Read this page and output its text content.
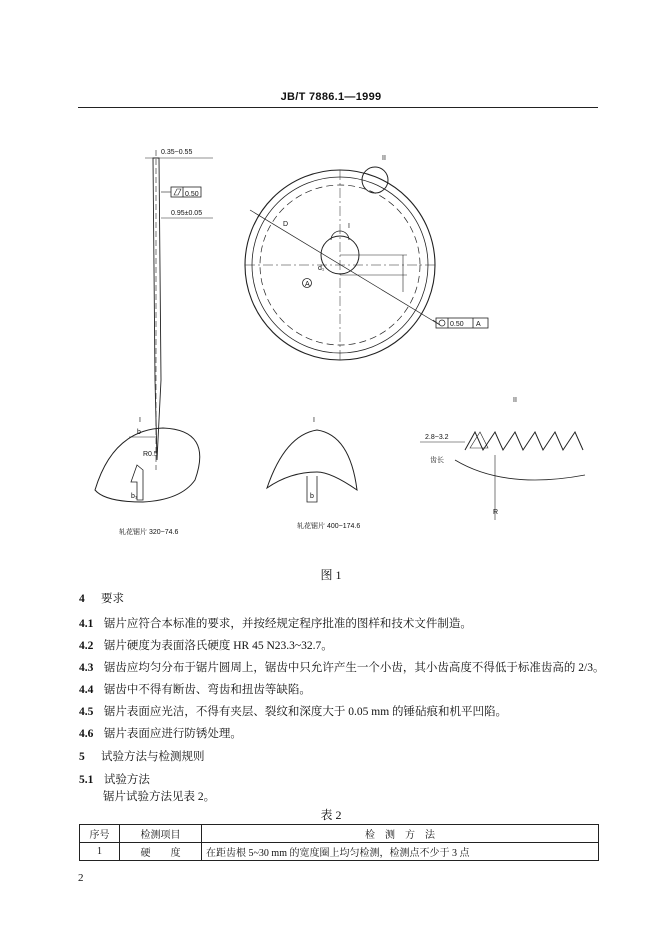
JB/T 7886.1—1999
0.35~0.55
0.50
0.95±0.05
II
I
D
d₁
A
0.50 A
I	I
II
b
R0.5
b₁	b
轧花锯片 320−74.6
轧花锯片 400−174.6
2.8~3.2
齿长
R
图 1
4 要求
4.1 锯片应符合本标准的要求，并按经规定程序批准的图样和技术文件制造。
4.2 锯片硬度为表面洛氏硬度 HR 45 N23.3~32.7。
4.3 锯齿应均匀分布于锯片圆周上，锯齿中只允许产生一个小齿，其小齿高度不得低于标准齿高的 2/3。
4.4 锯齿中不得有断齿、弯齿和扭齿等缺陷。
4.5 锯片表面应光洁，不得有夹层、裂纹和深度大于 0.05 mm 的锤砧痕和机平凹陷。
4.6 锯片表面应进行防锈处理。
5 试验方法与检测规则
5.1 试验方法
锯片试验方法见表 2。
表 2
序号	检测项目	检　测　方　法
1	硬　　度	在距齿根 5~30 mm 的宽度圈上均匀检测，检测点不少于 3 点
2
